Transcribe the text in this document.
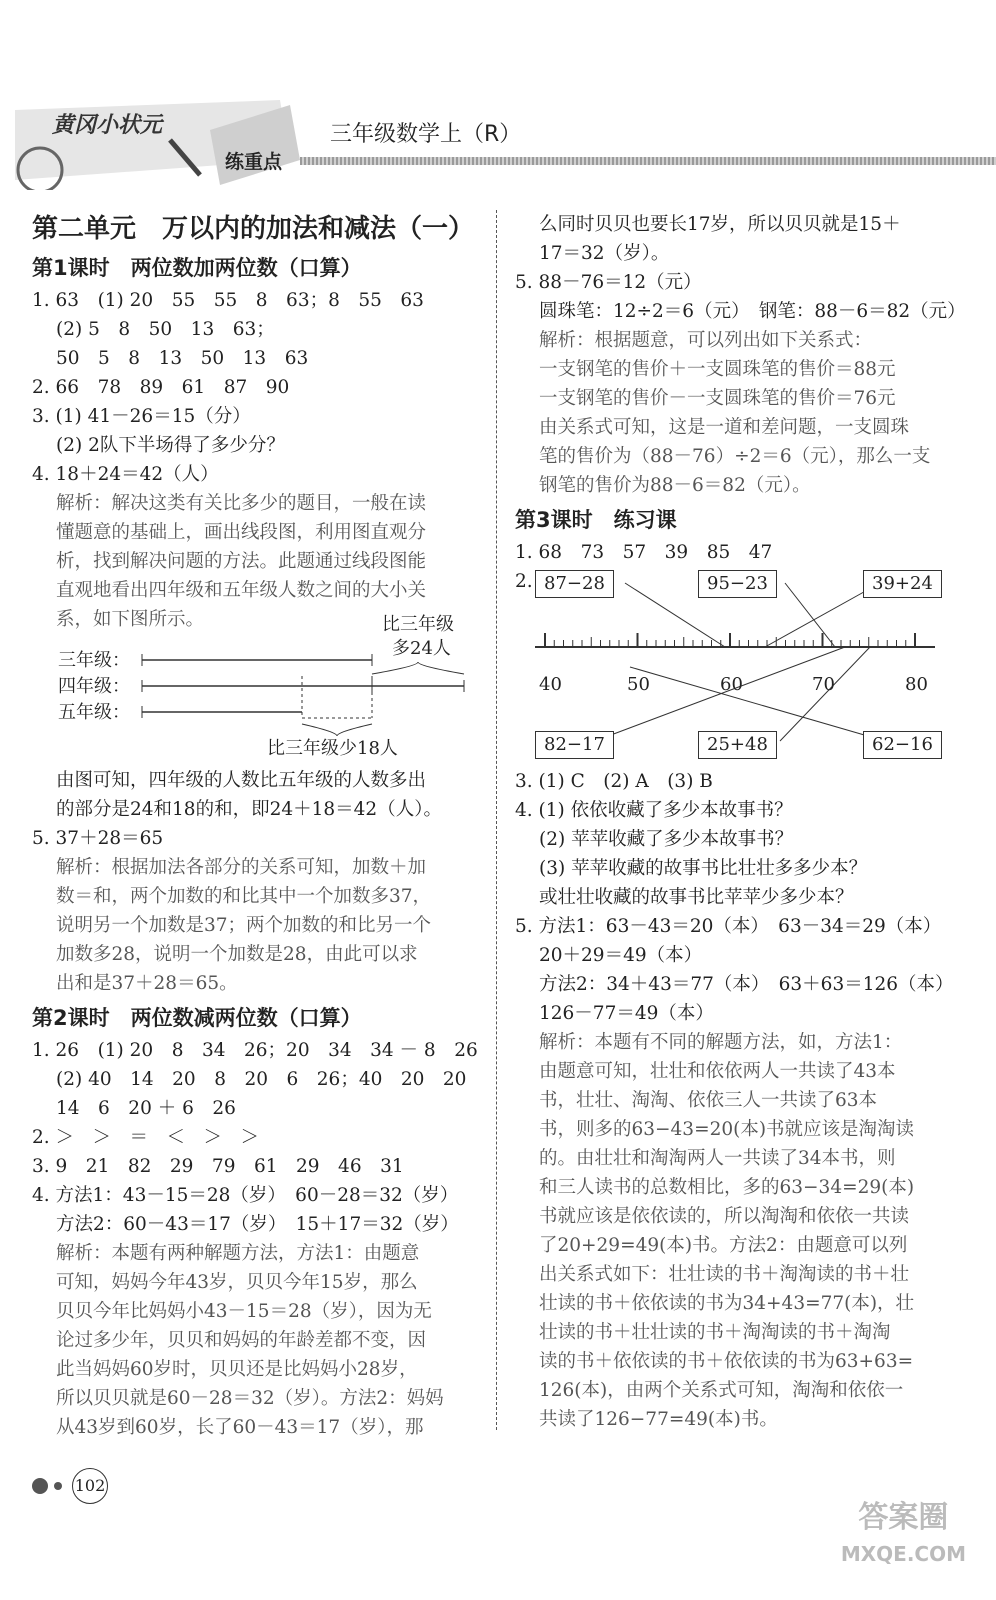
黄冈小状元
练重点
三年级数学上（R）
第二单元　万以内的加法和减法（一）
第1课时　两位数加两位数（口算）
1. 63　(1) 20　55　55　8　63；8　55　63
(2) 5　8　50　13　63；
50　5　8　13　50　13　63
2. 66　78　89　61　87　90
3. (1) 41－26＝15（分）
(2) 2队下半场得了多少分？
4. 18＋24＝42（人）
解析：解决这类有关比多少的题目，一般在读
懂题意的基础上，画出线段图，利用图直观分
析，找到解决问题的方法。此题通过线段图能
直观地看出四年级和五年级人数之间的大小关
系，如下图所示。
三年级：
四年级：
五年级：
比三年级
多24人
比三年级少18人
由图可知，四年级的人数比五年级的人数多出
的部分是24和18的和，即24＋18＝42（人）。
5. 37＋28＝65
解析：根据加法各部分的关系可知，加数＋加
数＝和，两个加数的和比其中一个加数多37，
说明另一个加数是37；两个加数的和比另一个
加数多28，说明一个加数是28，由此可以求
出和是37＋28＝65。
第2课时　两位数减两位数（口算）
1. 26　(1) 20　8　34　26；20　34　34 － 8　26
(2) 40　14　20　8　20　6　26；40　20　20
14　6　20 ＋ 6　26
2. ＞　＞　＝　＜　＞　＞
3. 9　21　82　29　79　61　29　46　31
4. 方法1：43－15＝28（岁）　60－28＝32（岁）
方法2：60－43＝17（岁）　15＋17＝32（岁）
解析：本题有两种解题方法，方法1：由题意
可知，妈妈今年43岁，贝贝今年15岁，那么
贝贝今年比妈妈小43－15＝28（岁），因为无
论过多少年，贝贝和妈妈的年龄差都不变，因
此当妈妈60岁时，贝贝还是比妈妈小28岁，
所以贝贝就是60－28＝32（岁）。方法2：妈妈
从43岁到60岁，长了60－43＝17（岁），那
么同时贝贝也要长17岁，所以贝贝就是15＋
17＝32（岁）。
5. 88－76＝12（元）
圆珠笔：12÷2＝6（元）　钢笔：88－6＝82（元）
解析：根据题意，可以列出如下关系式：
一支钢笔的售价＋一支圆珠笔的售价＝88元
一支钢笔的售价－一支圆珠笔的售价＝76元
由关系式可知，这是一道和差问题，一支圆珠
笔的售价为（88－76）÷2＝6（元），那么一支
钢笔的售价为88－6＝82（元）。
第3课时　练习课
1. 68　73　57　39　85　47
2.
40	50	60	70	80
87−28	95−23	39+24
82−17	25+48	62−16
3. (1) C　(2) A　(3) B
4. (1) 依依收藏了多少本故事书？
(2) 苹苹收藏了多少本故事书？
(3) 苹苹收藏的故事书比壮壮多多少本？
或壮壮收藏的故事书比苹苹少多少本？
5. 方法1：63－43＝20（本）　63－34＝29（本）
20＋29＝49（本）
方法2：34＋43＝77（本）　63＋63＝126（本）
126－77＝49（本）
解析：本题有不同的解题方法，如，方法1：
由题意可知，壮壮和依依两人一共读了43本
书，壮壮、淘淘、依依三人一共读了63本
书，则多的63−43=20(本)书就应该是淘淘读
的。由壮壮和淘淘两人一共读了34本书，则
和三人读书的总数相比，多的63−34=29(本)
书就应该是依依读的，所以淘淘和依依一共读
了20+29=49(本)书。方法2：由题意可以列
出关系式如下：壮壮读的书＋淘淘读的书＋壮
壮读的书＋依依读的书为34+43=77(本)，壮
壮读的书＋壮壮读的书＋淘淘读的书＋淘淘
读的书＋依依读的书＋依依读的书为63+63=
126(本)，由两个关系式可知，淘淘和依依一
共读了126−77=49(本)书。
102
答案圈
MXQE.COM
